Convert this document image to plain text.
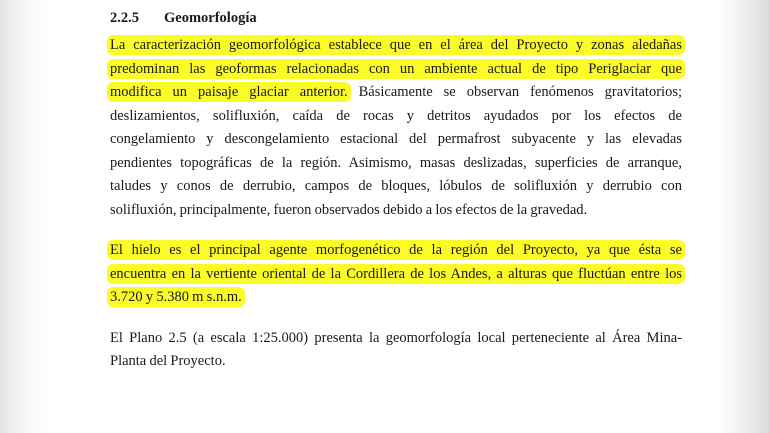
2.2.5 Geomorfología

La caracterización geomorfológica establece que en el área del Proyecto y zonas aledañas
predominan las geoformas relacionadas con un ambiente actual de tipo Periglaciar que
modifica un paisaje glaciar anterior. Básicamente se observan fenómenos gravitatorios;
deslizamientos, solifluxión, caída de rocas y detritos ayudados por los efectos de
congelamiento y descongelamiento estacional del permafrost subyacente y las elevadas
pendientes topográficas de la región. Asimismo, masas deslizadas, superficies de arranque,
taludes y conos de derrubio, campos de bloques, lóbulos de solifluxión y derrubio con
solifluxión, principalmente, fueron observados debido a los efectos de la gravedad.

El hielo es el principal agente morfogenético de la región del Proyecto, ya que ésta se
encuentra en la vertiente oriental de la Cordillera de los Andes, a alturas que fluctúan entre los
3.720 y 5.380 m s.n.m.

El Plano 2.5 (a escala 1:25.000) presenta la geomorfología local perteneciente al Área Mina-
Planta del Proyecto.
